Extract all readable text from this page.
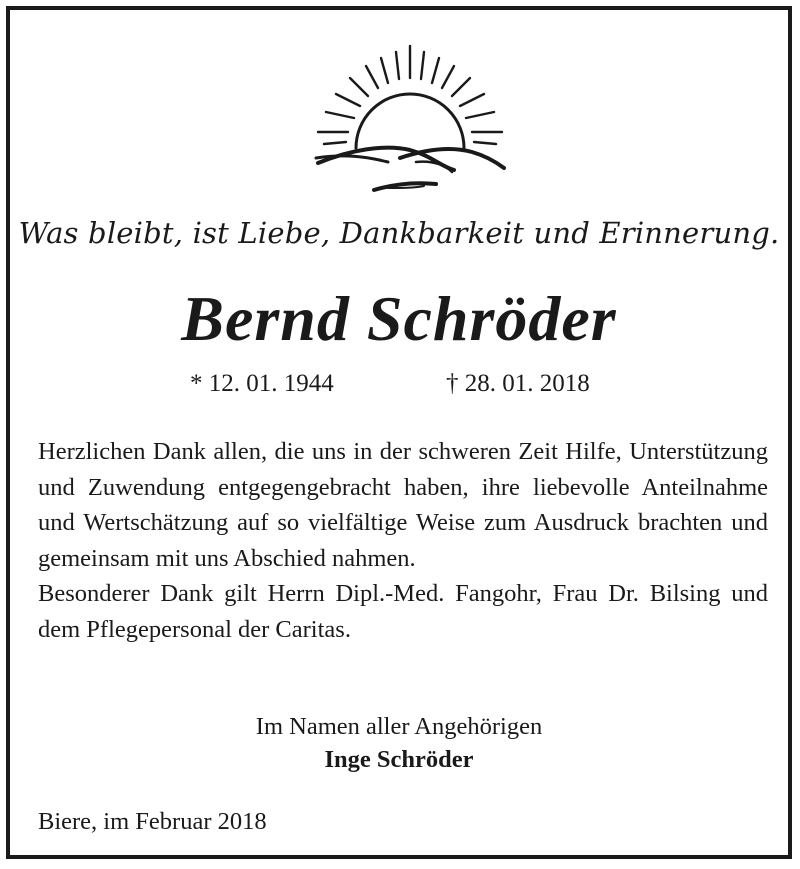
Was bleibt, ist Liebe, Dankbarkeit und Erinnerung.
Bernd Schröder
* 12. 01. 1944	† 28. 01. 2018

Herzlichen Dank allen, die uns in der schweren Zeit Hilfe, Unterstützung und Zuwendung entgegengebracht haben, ihre liebevolle Anteilnahme und Wertschätzung auf so vielfältige Weise zum Ausdruck brachten und gemeinsam mit uns Abschied nahmen.

Besonderer Dank gilt Herrn Dipl.-Med. Fangohr, Frau Dr. Bilsing und dem Pflegepersonal der Caritas.

Im Namen aller Angehörigen
Inge Schröder
Biere, im Februar 2018
